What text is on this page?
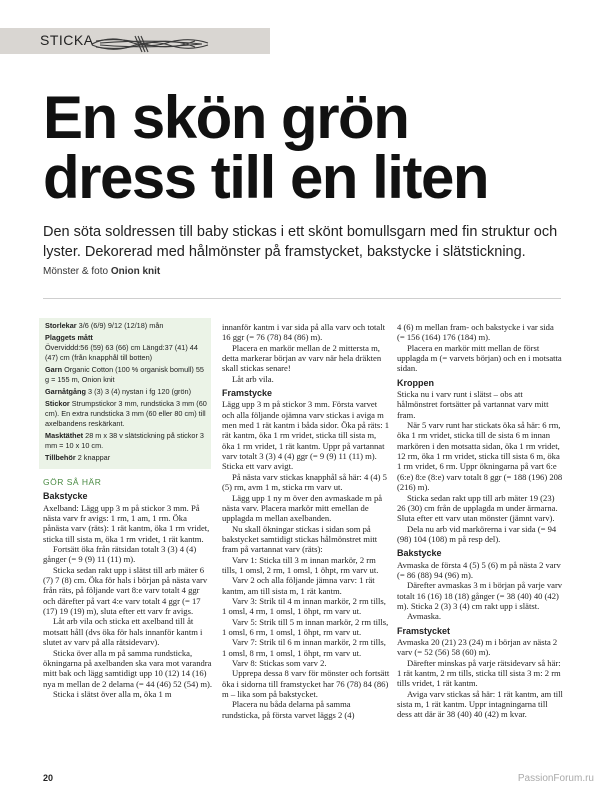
STICKA
En skön grön
dress till en liten

Den söta soldressen till baby stickas i ett skönt bomullsgarn med fin struktur och lyster. Dekorerad med hålmönster på framstycket, bakstycke i slätstickning.

Mönster & foto Onion knit
Storlekar 3/6 (6/9) 9/12 (12/18) mån
Plaggets mått
Överviddd:56 (59) 63 (66) cm Längd:37 (41) 44 (47) cm (från knapphål till botten)
Garn Organic Cotton (100 % organisk bomull) 55 g = 155 m, Onion knit
Garnåtgång 3 (3) 3 (4) nystan i fg 120 (grön)
Stickor Strumpstickor 3 mm, rundsticka 3 mm (60 cm). En extra rundsticka 3 mm (60 eller 80 cm) till axelbandens reskärkant.
Masktäthet 28 m x 38 v slätstickning på stickor 3 mm = 10 x 10 cm.
Tillbehör 2 knappar
GÖR SÅ HÄR
Bakstycke

Axelband: Lägg upp 3 m på stickor 3 mm. På nästa varv fr avigs: 1 rm, 1 am, 1 rm. Öka pånästa varv (räts): 1 rät kantm, öka 1 rm vridet, sticka till sista m, öka 1 rm vridet, 1 rät kantm.

Fortsätt öka från rätsidan totalt 3 (3) 4 (4) gånger (= 9 (9) 11 (11) m).

Sticka sedan rakt upp i slätst till arb mäter 6 (7) 7 (8) cm. Öka för hals i början på nästa varv från räts, på följande vart 8:e varv totalt 4 ggr och därefter på vart 4:e varv totalt 4 ggr (= 17 (17) 19 (19) m), sluta efter ett varv fr avigs.

Låt arb vila och sticka ett axelband till åt motsatt håll (dvs öka för hals innanför kantm i slutet av varv på alla rätsidevarv).

Sticka över alla m på samma rundsticka, ökningarna på axelbanden ska vara mot varandra mitt bak och lägg samtidigt upp 10 (12) 14 (16) nya m mellan de 2 delarna (= 44 (46) 52 (54) m).

Sticka i slätst över alla m, öka 1 m

innanför kantm i var sida på alla varv och totalt 16 ggr (= 76 (78) 84 (86) m).

Placera en markör mellan de 2 mittersta m, detta markerar början av varv när hela dräkten skall stickas senare!

Låt arb vila.

Framstycke

Lägg upp 3 m på stickor 3 mm. Första varvet och alla följande ojämna varv stickas i aviga m men med 1 rät kantm i båda sidor. Öka på räts: 1 rät kantm, öka 1 rm vridet, sticka till sista m, öka 1 rm vridet, 1 rät kantm. Uppr på vartannat varv totalt 3 (3) 4 (4) ggr (= 9 (9) 11 (11) m). Sticka ett varv avigt.

På nästa varv stickas knapphål så här: 4 (4) 5 (5) rm, avm 1 m, sticka rm varv ut.

Lägg upp 1 ny m över den avmaskade m på nästa varv. Placera markör mitt emellan de upplagda m mellan axelbanden.

Nu skall ökningar stickas i sidan som på bakstycket samtidigt stickas hålmönstret mitt fram på vartannat varv (räts):

Varv 1: Sticka till 3 m innan markör, 2 rm tills, 1 omsl, 2 rm, 1 omsl, 1 öhpt, rm varv ut.

Varv 2 och alla följande jämna varv: 1 rät kantm, am till sista m, 1 rät kantm.

Varv 3: Strik til 4 m innan markör, 2 rm tills, 1 omsl, 4 rm, 1 omsl, 1 öhpt, rm varv ut.

Varv 5: Strik till 5 m innan markör, 2 rm tills, 1 omsl, 6 rm, 1 omsl, 1 öhpt, rm varv ut.

Varv 7: Strik til 6 m innan markör, 2 rm tills, 1 omsl, 8 rm, 1 omsl, 1 öhpt, rm varv ut.

Varv 8: Stickas som varv 2.

Upprepa dessa 8 varv för mönster och fortsätt öka i sidorna till framstycket har 76 (78) 84 (86) m – lika som på bakstycket.

Placera nu båda delarna på samma rundsticka, på första varvet läggs 2 (4)

4 (6) m mellan fram- och bakstycke i var sida (= 156 (164) 176 (184) m).

Placera en markör mitt mellan de först upplagda m (= varvets början) och en i motsatta sidan.

Kroppen

Sticka nu i varv runt i slätst – obs att hålmönstret fortsätter på vartannat varv mitt fram.

När 5 varv runt har stickats öka så här: 6 rm, öka 1 rm vridet, sticka till de sista 6 m innan markören i den motsatta sidan, öka 1 rm vridet, 12 rm, öka 1 rm vridet, sticka till sista 6 m, öka 1 rm vridet, 6 rm. Uppr ökningarna på vart 6:e (6:e) 8:e (8:e) varv totalt 8 ggr (= 188 (196) 208 (216) m).

Sticka sedan rakt upp till arb mäter 19 (23) 26 (30) cm från de upplagda m under ärmarna. Sluta efter ett varv utan mönster (jämnt varv).

Dela nu arb vid markörerna i var sida (= 94 (98) 104 (108) m på resp del).

Bakstycke

Avmaska de första 4 (5) 5 (6) m på nästa 2 varv (= 86 (88) 94 (96) m).

Därefter avmaskas 3 m i början på varje varv totalt 16 (16) 18 (18) gånger (= 38 (40) 40 (42) m). Sticka 2 (3) 3 (4) cm rakt upp i slätst.

Avmaska.

Framstycket

Avmaska 20 (21) 23 (24) m i början av nästa 2 varv (= 52 (56) 58 (60) m).

Därefter minskas på varje rätsidevarv så här: 1 rät kantm, 2 rm tills, sticka till sista 3 m: 2 rm tills vridet, 1 rät kantm.

Aviga varv stickas så här: 1 rät kantm, am till sista m, 1 rät kantm. Uppr intagningarna till dess att där är 38 (40) 40 (42) m kvar.

20	PassionForum.ru
